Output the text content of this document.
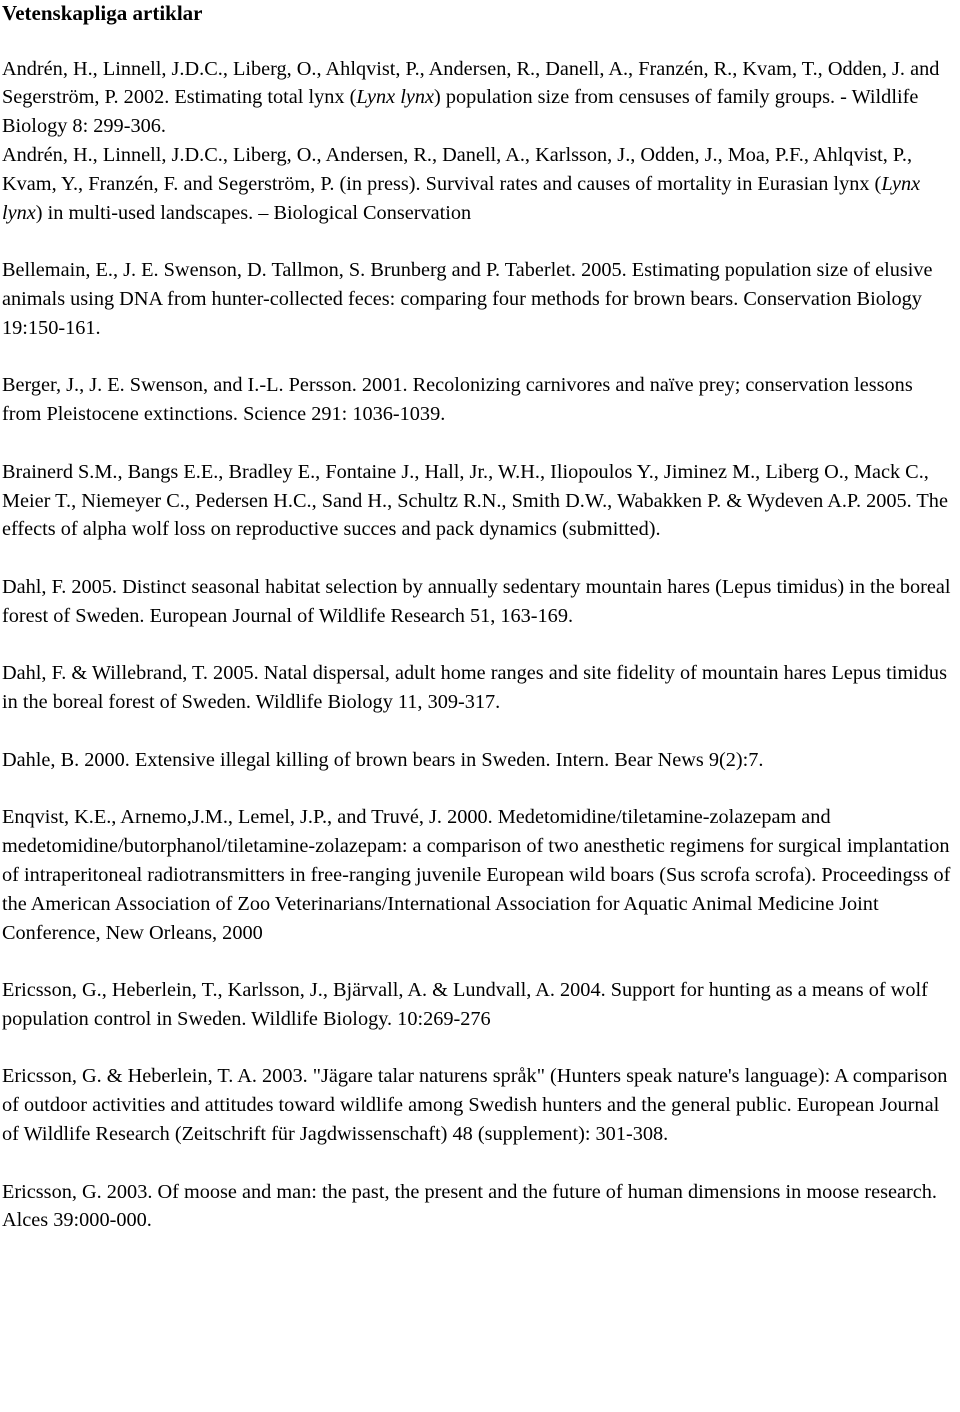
Vetenskapliga artiklar

Andrén, H., Linnell, J.D.C., Liberg, O., Ahlqvist, P., Andersen, R., Danell, A., Franzén, R., Kvam, T., Odden, J. and Segerström, P. 2002. Estimating total lynx (Lynx lynx) population size from censuses of family groups. - Wildlife Biology 8: 299-306.

Andrén, H., Linnell, J.D.C., Liberg, O., Andersen, R., Danell, A., Karlsson, J., Odden, J., Moa, P.F., Ahlqvist, P., Kvam, Y., Franzén, F. and Segerström, P. (in press). Survival rates and causes of mortality in Eurasian lynx (Lynx lynx) in multi-used landscapes. – Biological Conservation

Bellemain, E., J. E. Swenson, D. Tallmon, S. Brunberg and P. Taberlet. 2005. Estimating population size of elusive animals using DNA from hunter-collected feces: comparing four methods for brown bears. Conservation Biology 19:150-161.

Berger, J., J. E. Swenson, and I.-L. Persson. 2001. Recolonizing carnivores and naïve prey; conservation lessons from Pleistocene extinctions. Science 291: 1036-1039.

Brainerd S.M., Bangs E.E., Bradley E., Fontaine J., Hall, Jr., W.H., Iliopoulos Y., Jiminez M., Liberg O., Mack C., Meier T., Niemeyer C., Pedersen H.C., Sand H., Schultz R.N., Smith D.W., Wabakken P. & Wydeven A.P. 2005. The effects of alpha wolf loss on reproductive succes and pack dynamics (submitted).

Dahl, F. 2005. Distinct seasonal habitat selection by annually sedentary mountain hares (Lepus timidus) in the boreal forest of Sweden. European Journal of Wildlife Research 51, 163-169.

Dahl, F. & Willebrand, T. 2005. Natal dispersal, adult home ranges and site fidelity of mountain hares Lepus timidus in the boreal forest of Sweden. Wildlife Biology 11, 309-317.

Dahle, B. 2000. Extensive illegal killing of brown bears in Sweden. Intern. Bear News 9(2):7.

Enqvist, K.E., Arnemo,J.M., Lemel, J.P., and Truvé, J. 2000. Medetomidine/tiletamine-zolazepam and medetomidine/butorphanol/tiletamine-zolazepam: a comparison of two anesthetic regimens for surgical implantation of intraperitoneal radiotransmitters in free-ranging juvenile European wild boars (Sus scrofa scrofa). Proceedingss of the American Association of Zoo Veterinarians/International Association for Aquatic Animal Medicine Joint Conference, New Orleans, 2000

Ericsson, G., Heberlein, T., Karlsson, J., Bjärvall, A. & Lundvall, A. 2004. Support for hunting as a means of wolf population control in Sweden. Wildlife Biology. 10:269-276

Ericsson, G. & Heberlein, T. A. 2003. "Jägare talar naturens språk" (Hunters speak nature's language): A comparison of outdoor activities and attitudes toward wildlife among Swedish hunters and the general public. European Journal of Wildlife Research (Zeitschrift für Jagdwissenschaft) 48 (supplement): 301-308.

Ericsson, G. 2003. Of moose and man: the past, the present and the future of human dimensions in moose research. Alces 39:000-000.
